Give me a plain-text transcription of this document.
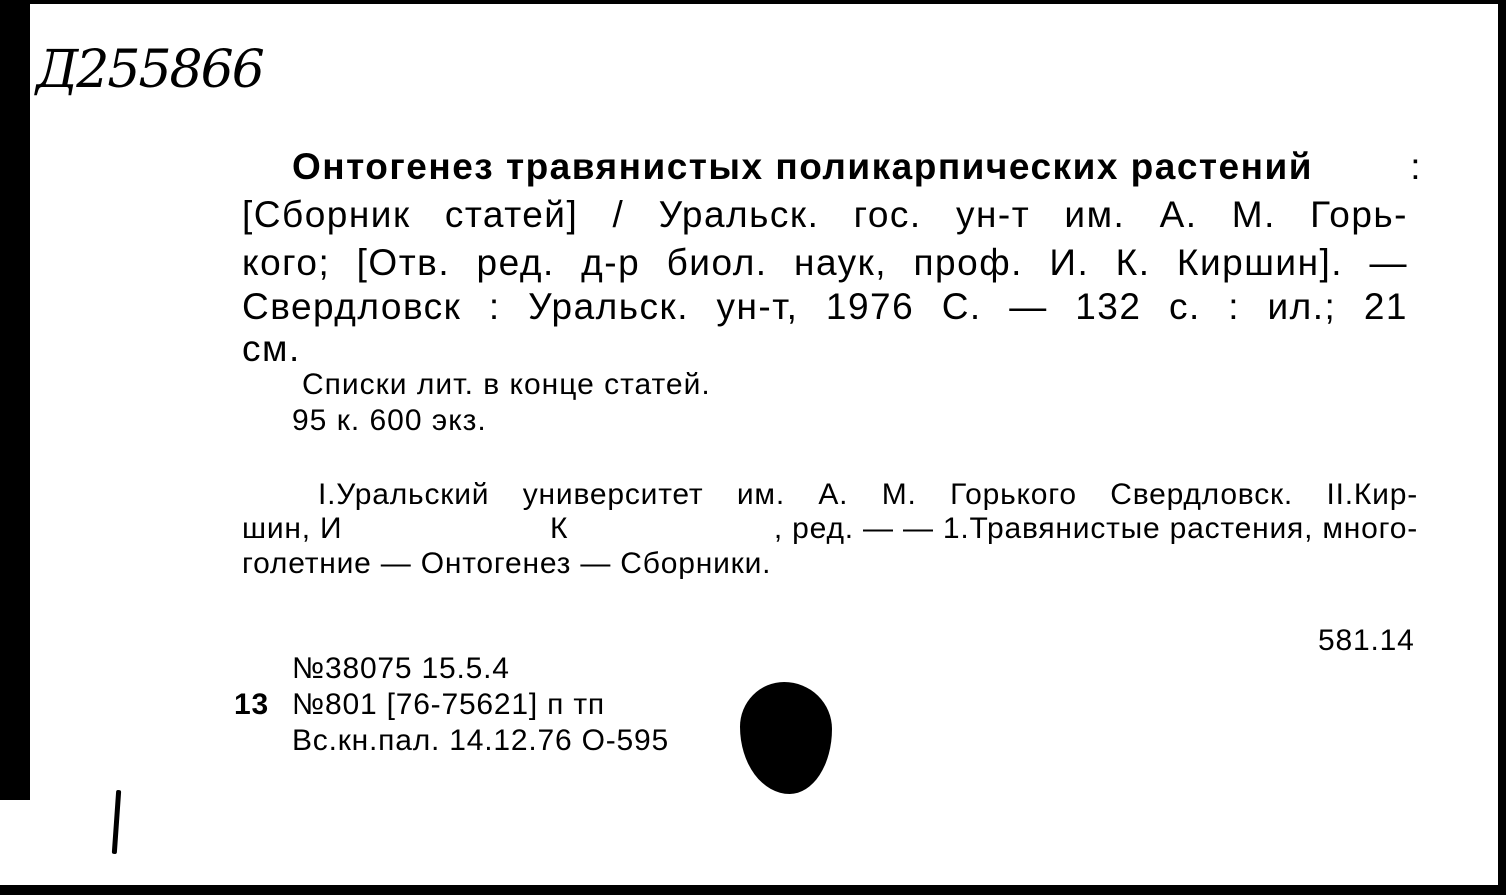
Д255866
Онтогенез травянистых поликарпических растений	:
[Сборник статей] / Уральск. гос. ун-т им. А. М. Горь-
кого; [Отв. ред. д-р биол. наук, проф. И. К. Киршин]. —
Свердловск : Уральск. ун-т, 1976 С. — 132 с. : ил.; 21
см.
Списки лит. в конце статей.
95 к. 600 экз.
I.Уральский университет им. А. М. Горького Свердловск. II.Кир-
шин, И	К	, ред. — — 1.Травянистые растения, много-
голетние — Онтогенез — Сборники.
581.14
№38075 15.5.4
13 №801 [76-75621] п тп
Вс.кн.пал. 14.12.76 О-595
